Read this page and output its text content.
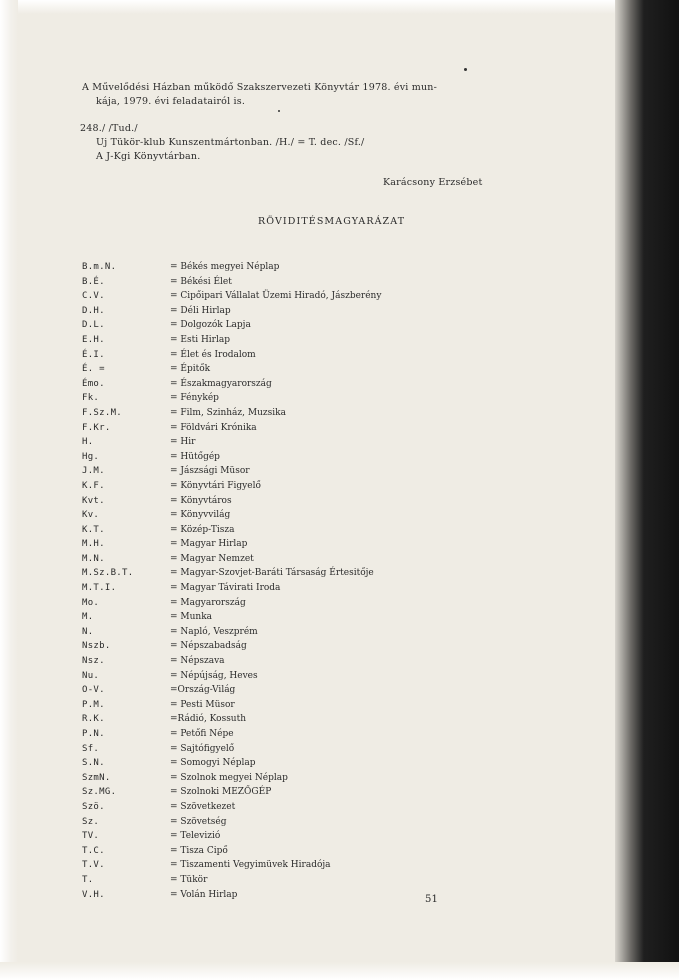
A Művelődési Házban működő Szakszervezeti Könyvtár 1978. évi mun-
kája, 1979. évi feladatairól is.
248./ /Tud./
Uj Tükör-klub Kunszentmártonban. /H./ = T. dec. /Sf./
A J-Kgi Könyvtárban.
Karácsony Erzsébet
RÖVIDITÉSMAGYARÁZAT
B.m.N.	= Békés megyei Néplap
B.É.	= Békési Élet
C.V.	= Cipőipari Vállalat Üzemi Hiradó, Jászberény
D.H.	= Déli Hirlap
D.L.	= Dolgozók Lapja
E.H.	= Esti Hirlap
É.I.	= Élet és Irodalom
É. =	= Épitők
Émo.	= Északmagyarország
Fk.	= Fénykép
F.Sz.M.	= Film, Szinház, Muzsika
F.Kr.	= Földvári Krónika
H.	= Hir
Hg.	= Hütőgép
J.M.	= Jászsági Müsor
K.F.	= Könyvtári Figyelő
Kvt.	= Könyvtáros
Kv.	= Könyvvilág
K.T.	= Közép-Tisza
M.H.	= Magyar Hirlap
M.N.	= Magyar Nemzet
M.Sz.B.T.	= Magyar-Szovjet-Baráti Társaság Értesitője
M.T.I.	= Magyar Távirati Iroda
Mo.	= Magyarország
M.	= Munka
N.	= Napló, Veszprém
Nszb.	= Népszabadság
Nsz.	= Népszava
Nu.	= Népújság, Heves
O-V.	=Ország-Világ
P.M.	= Pesti Müsor
R.K.	=Rádió, Kossuth
P.N.	= Petőfi Népe
Sf.	= Sajtófigyelő
S.N.	= Somogyi Néplap
SzmN.	= Szolnok megyei Néplap
Sz.MG.	= Szolnoki MEZŐGÉP
Szö.	= Szövetkezet
Sz.	= Szövetség
TV.	= Televizió
T.C.	= Tisza Cipő
T.V.	= Tiszamenti Vegyimüvek Hiradója
T.	= Tükör
V.H.	= Volán Hirlap	51
